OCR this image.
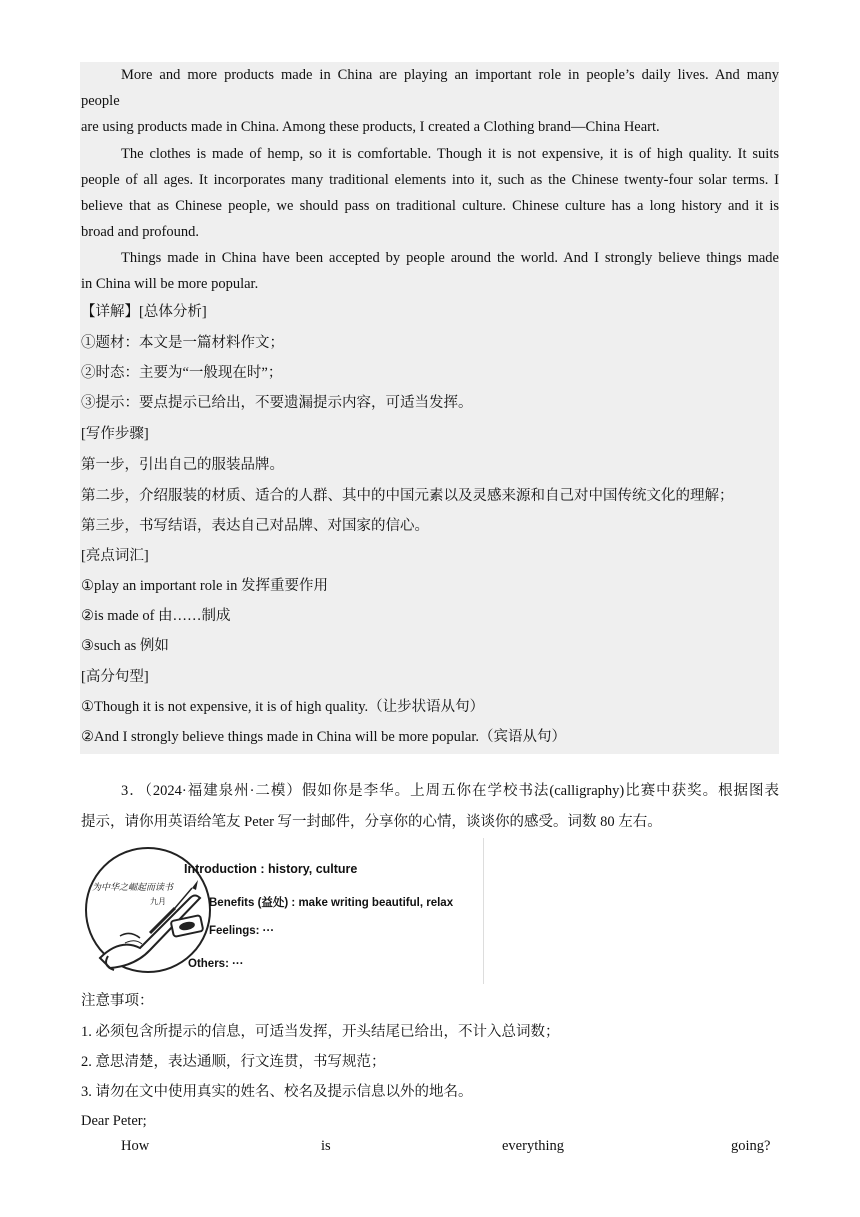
More and more products made in China are playing an important role in people’s daily lives. And many
people
are using products made in China. Among these products, I created a Clothing brand—China Heart.
The clothes is made of hemp, so it is comfortable. Though it is not expensive, it is of high quality. It suits
people of all ages. It incorporates many traditional elements into it, such as the Chinese twenty-four solar terms. I
believe that as Chinese people, we should pass on traditional culture. Chinese culture has a long history and it is
broad and profound.
Things made in China have been accepted by people around the world. And I strongly believe things made
in China will be more popular.
【详解】[总体分析]
①题材：本文是一篇材料作文；
②时态：主要为“一般现在时”；
③提示：要点提示已给出，不要遗漏提示内容，可适当发挥。
[写作步骤]
第一步，引出自己的服装品牌。
第二步，介绍服装的材质、适合的人群、其中的中国元素以及灵感来源和自己对中国传统文化的理解；
第三步，书写结语，表达自己对品牌、对国家的信心。
[亮点词汇]
①play an important role in 发挥重要作用
②is made of 由……制成
③such as 例如
[高分句型]
①Though it is not expensive, it is of high quality.（让步状语从句）
②And I strongly believe things made in China will be more popular.（宾语从句）
3．（2024·福建泉州·二模）假如你是李华。上周五你在学校书法(calligraphy)比赛中获奖。根据图表
提示，请你用英语给笔友 Peter 写一封邮件，分享你的心情，谈谈你的感受。词数 80 左右。
为中华之崛起而读书
九月
Introduction : history, culture
Benefits (益处) : make writing beautiful, relax
Feelings: ···
Others: ···
注意事项：
1. 必须包含所提示的信息，可适当发挥，开头结尾已给出，不计入总词数；
2. 意思清楚，表达通顺，行文连贯，书写规范；
3. 请勿在文中使用真实的姓名、校名及提示信息以外的地名。
Dear Peter;
How	is	everything	going?
